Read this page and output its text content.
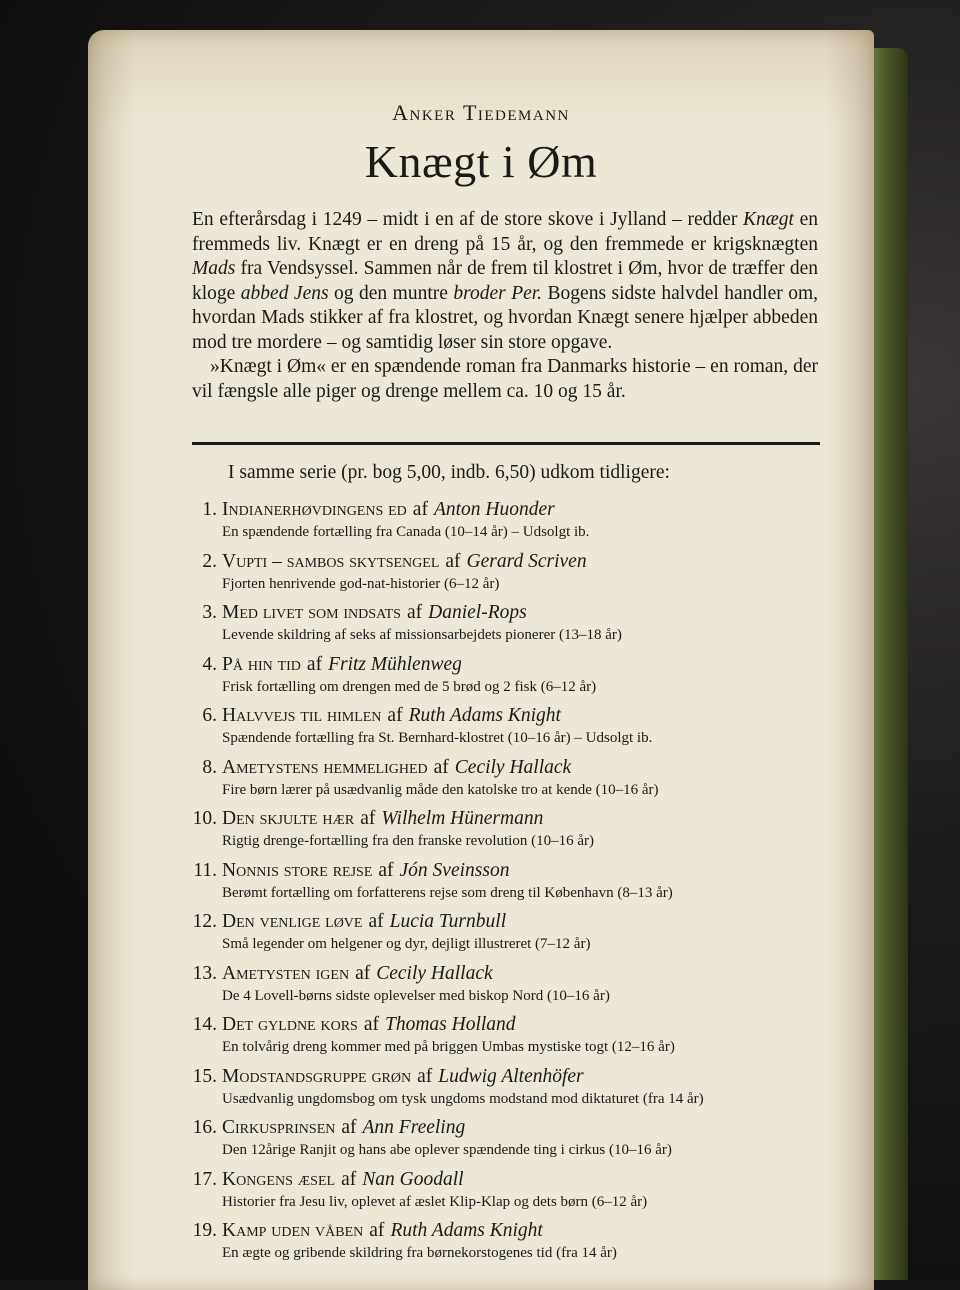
Anker Tiedemann
Knægt i Øm

En efterårsdag i 1249 – midt i en af de store skove i Jylland – redder Knægt en fremmeds liv. Knægt er en dreng på 15 år, og den fremmede er krigsknægten Mads fra Vendsyssel. Sammen når de frem til klostret i Øm, hvor de træffer den kloge abbed Jens og den muntre broder Per. Bogens sidste halvdel handler om, hvordan Mads stikker af fra klostret, og hvordan Knægt senere hjælper abbeden mod tre mordere – og samtidig løser sin store opgave.

»Knægt i Øm« er en spændende roman fra Danmarks historie – en roman, der vil fængsle alle piger og drenge mellem ca. 10 og 15 år.

I samme serie (pr. bog 5,00, indb. 6,50) udkom tidligere:
1. Indianerhøvdingens ed af Anton Huonder
En spændende fortælling fra Canada (10–14 år) – Udsolgt ib.
2. Vupti – sambos skytsengel af Gerard Scriven
Fjorten henrivende god-nat-historier (6–12 år)
3. Med livet som indsats af Daniel-Rops
Levende skildring af seks af missionsarbejdets pionerer (13–18 år)
4. På hin tid af Fritz Mühlenweg
Frisk fortælling om drengen med de 5 brød og 2 fisk (6–12 år)
6. Halvvejs til himlen af Ruth Adams Knight
Spændende fortælling fra St. Bernhard-klostret (10–16 år) – Udsolgt ib.
8. Ametystens hemmelighed af Cecily Hallack
Fire børn lærer på usædvanlig måde den katolske tro at kende (10–16 år)
10. Den skjulte hær af Wilhelm Hünermann
Rigtig drenge-fortælling fra den franske revolution (10–16 år)
11. Nonnis store rejse af Jón Sveinsson
Berømt fortælling om forfatterens rejse som dreng til København (8–13 år)
12. Den venlige løve af Lucia Turnbull
Små legender om helgener og dyr, dejligt illustreret (7–12 år)
13. Ametysten igen af Cecily Hallack
De 4 Lovell-børns sidste oplevelser med biskop Nord (10–16 år)
14. Det gyldne kors af Thomas Holland
En tolvårig dreng kommer med på briggen Umbas mystiske togt (12–16 år)
15. Modstandsgruppe grøn af Ludwig Altenhöfer
Usædvanlig ungdomsbog om tysk ungdoms modstand mod diktaturet (fra 14 år)
16. Cirkusprinsen af Ann Freeling
Den 12årige Ranjit og hans abe oplever spændende ting i cirkus (10–16 år)
17. Kongens æsel af Nan Goodall
Historier fra Jesu liv, oplevet af æslet Klip-Klap og dets børn (6–12 år)
19. Kamp uden våben af Ruth Adams Knight
En ægte og gribende skildring fra børnekorstogenes tid (fra 14 år)
